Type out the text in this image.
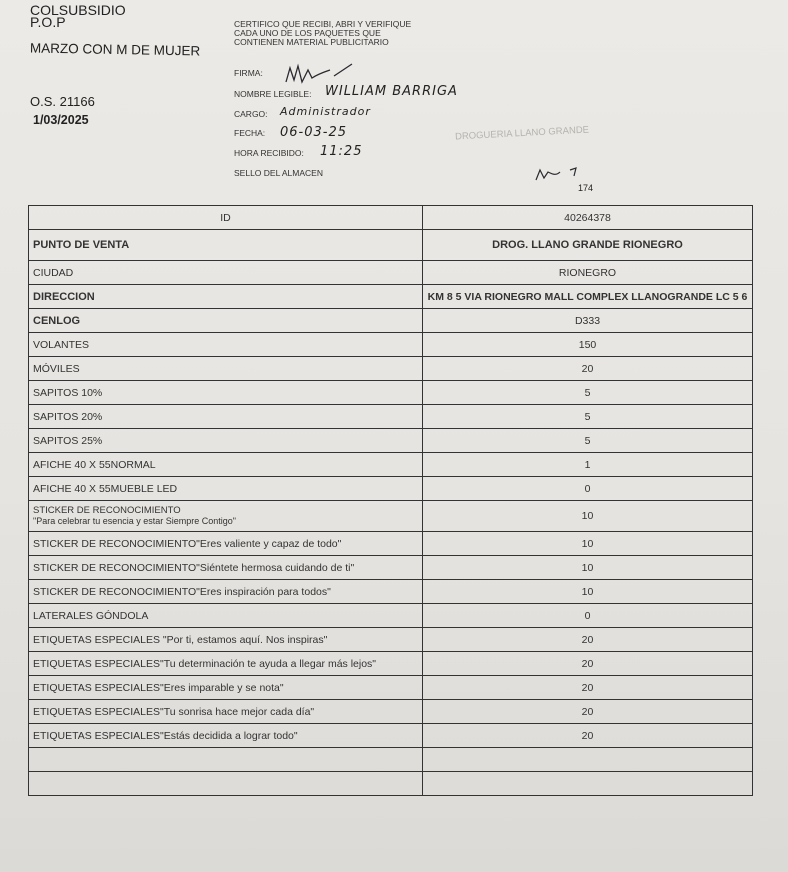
COLSUBSIDIO
P.O.P
MARZO CON M DE MUJER
O.S. 21166
1/03/2025
CERTIFICO QUE RECIBI, ABRI Y VERIFIQUE CADA UNO DE LOS PAQUETES QUE CONTIENEN MATERIAL PUBLICITARIO
FIRMA:
NOMBRE LEGIBLE: WILLIAM BARRIGA
CARGO: Administrador
FECHA: 06-03-25
HORA RECIBIDO: 11:25
SELLO DEL ALMACEN
DROGUERIA LLANO GRANDE
174
ID	40264378
PUNTO DE VENTA	DROG. LLANO GRANDE RIONEGRO
CIUDAD	RIONEGRO
DIRECCION	KM 8 5 VIA RIONEGRO MALL COMPLEX LLANOGRANDE LC 5 6
CENLOG	D333
VOLANTES	150
MÓVILES	20
SAPITOS 10%	5
SAPITOS 20%	5
SAPITOS 25%	5
AFICHE 40 X 55NORMAL	1
AFICHE 40 X 55MUEBLE LED	0
STICKER DE RECONOCIMIENTO
"Para celebrar tu esencia y estar Siempre Contigo"	10
STICKER DE RECONOCIMIENTO"Eres valiente y capaz de todo"	10
STICKER DE RECONOCIMIENTO"Siéntete hermosa cuidando de ti"	10
STICKER DE RECONOCIMIENTO"Eres inspiración para todos"	10
LATERALES GÓNDOLA	0
ETIQUETAS ESPECIALES "Por ti, estamos aquí. Nos inspiras"	20
ETIQUETAS ESPECIALES"Tu determinación te ayuda a llegar más lejos"	20
ETIQUETAS ESPECIALES"Eres imparable y se nota"	20
ETIQUETAS ESPECIALES"Tu sonrisa hace mejor cada día"	20
ETIQUETAS ESPECIALES"Estás decidida a lograr todo"	20
